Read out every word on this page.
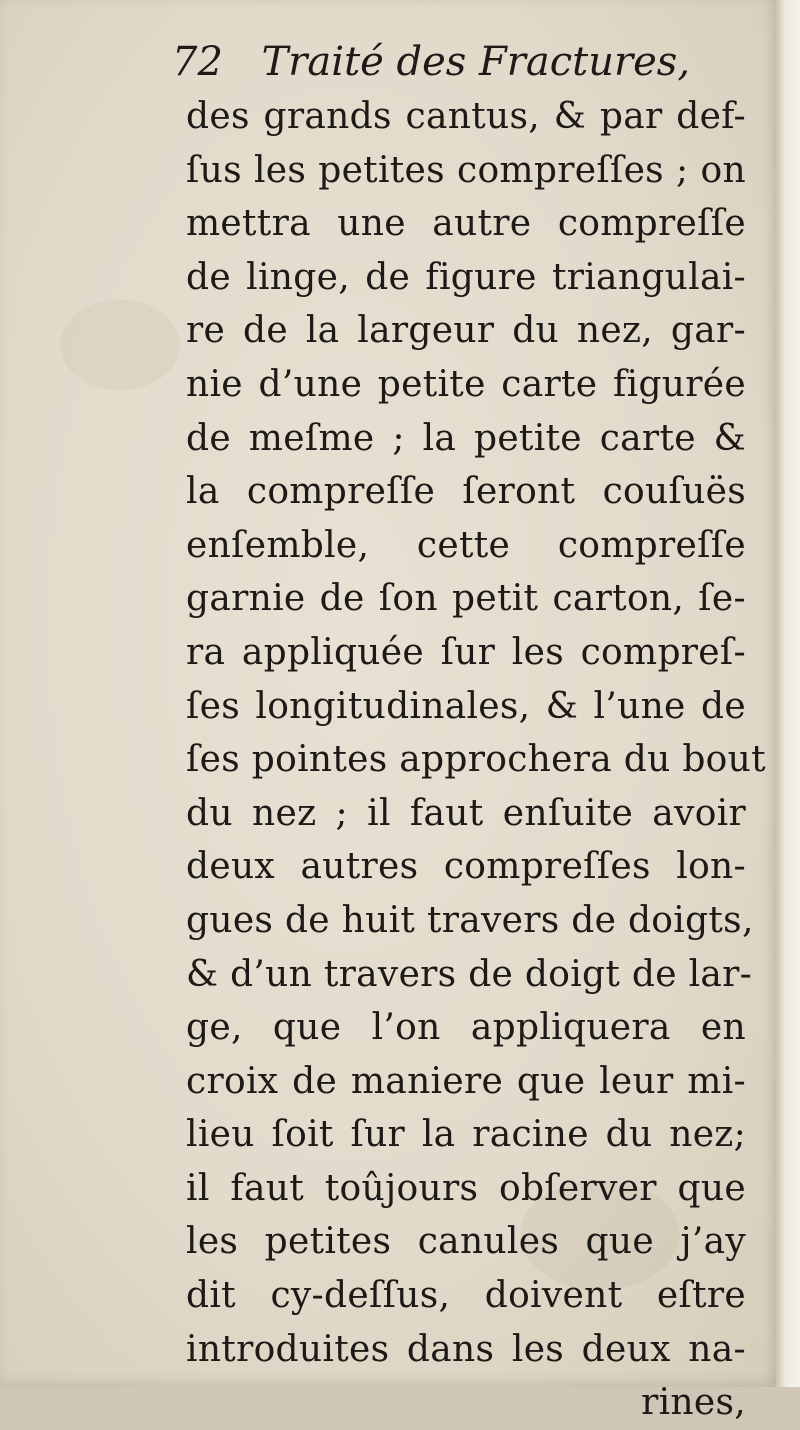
72 Traité des Fractures,
des grands cantus, & par def-
ſus les petites compreſſes ; on
mettra une autre compreſſe
de linge, de figure triangulai-
re de la largeur du nez, gar-
nie d’une petite carte figurée
de meſme ; la petite carte &
la compreſſe ſeront couſuës
enſemble, cette compreſſe
garnie de ſon petit carton, ſe-
ra appliquée ſur les compreſ-
ſes longitudinales, & l’une de
ſes pointes approchera du bout
du nez ; il faut enſuite avoir
deux autres compreſſes lon-
gues de huit travers de doigts,
& d’un travers de doigt de lar-
ge, que l’on appliquera en
croix de maniere que leur mi-
lieu ſoit ſur la racine du nez;
il faut toûjours obſerver que
les petites canules que j’ay
dit cy-deſſus, doivent eſtre
introduites dans les deux na-
rines,
